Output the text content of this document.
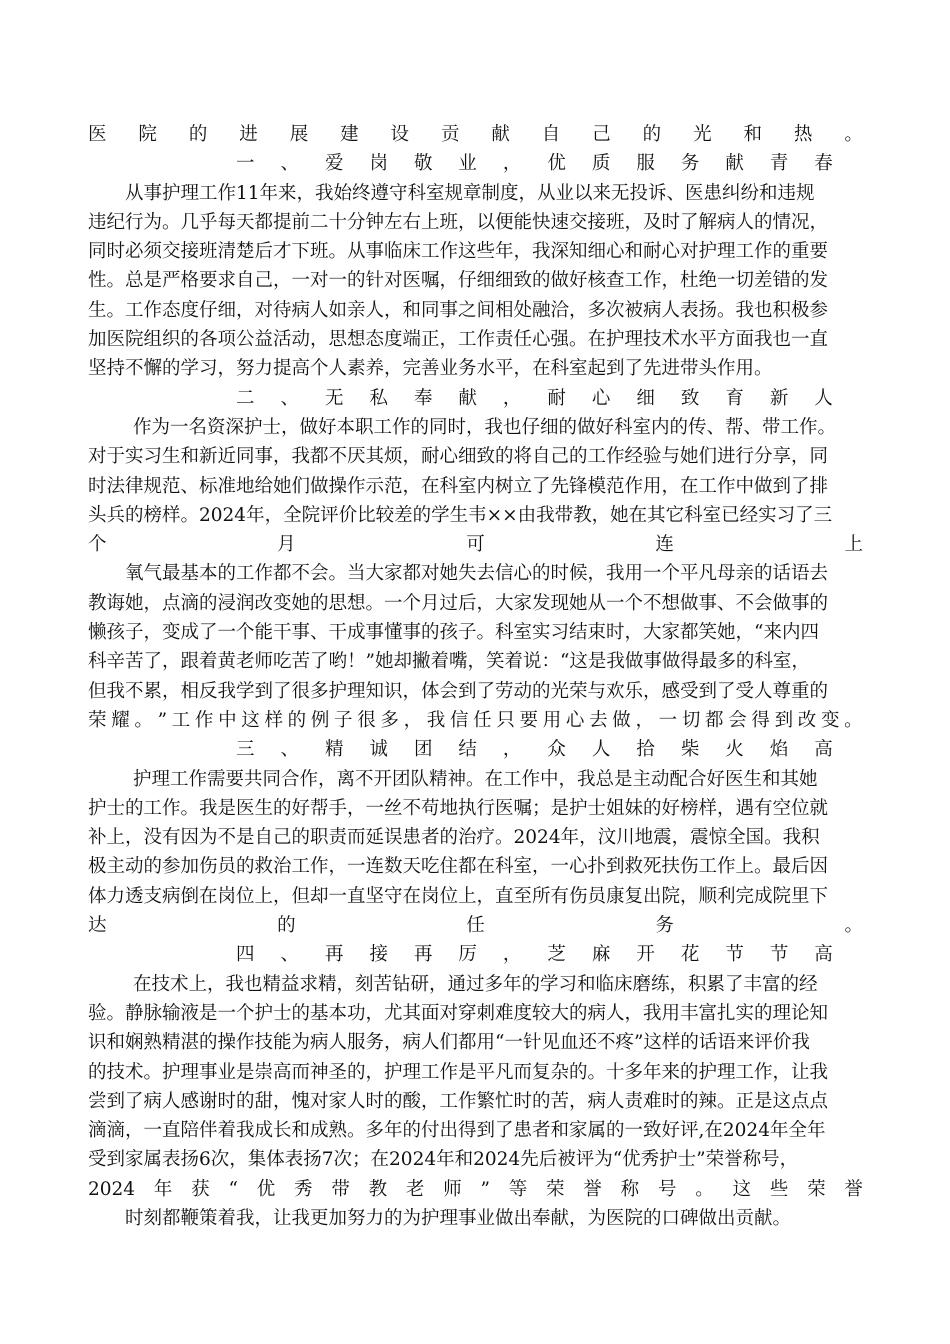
医 院 的 进 展 建 设 贡 献 自 己 的 光 和 热 。
一 、 爱 岗 敬 业 ， 优 质 服 务 献 青 春
从事护理工作11年来，我始终遵守科室规章制度，从业以来无投诉、医患纠纷和违规
违纪行为。几乎每天都提前二十分钟左右上班，以便能快速交接班，及时了解病人的情况，
同时必须交接班清楚后才下班。从事临床工作这些年，我深知细心和耐心对护理工作的重要
性。总是严格要求自己，一对一的针对医嘱，仔细细致的做好核查工作，杜绝一切差错的发
生。工作态度仔细，对待病人如亲人，和同事之间相处融洽，多次被病人表扬。我也积极参
加医院组织的各项公益活动，思想态度端正，工作责任心强。在护理技术水平方面我也一直
坚持不懈的学习，努力提高个人素养，完善业务水平，在科室起到了先进带头作用。
二 、 无 私 奉 献 ， 耐 心 细 致 育 新 人
作为一名资深护士，做好本职工作的同时，我也仔细的做好科室内的传、帮、带工作。
对于实习生和新近同事，我都不厌其烦，耐心细致的将自己的工作经验与她们进行分享，同
时法律规范、标准地给她们做操作示范，在科室内树立了先锋模范作用，在工作中做到了排
头兵的榜样。2024年，全院评价比较差的学生韦××由我带教，她在其它科室已经实习了三
个	月	可	连	上
氧气最基本的工作都不会。当大家都对她失去信心的时候，我用一个平凡母亲的话语去
教诲她，点滴的浸润改变她的思想。一个月过后，大家发现她从一个不想做事、不会做事的
懒孩子，变成了一个能干事、干成事懂事的孩子。科室实习结束时，大家都笑她，“来内四
科辛苦了，跟着黄老师吃苦了哟！”她却撇着嘴，笑着说：“这是我做事做得最多的科室，
但我不累，相反我学到了很多护理知识，体会到了劳动的光荣与欢乐，感受到了受人尊重的
荣 耀 。 ” 工 作 中 这 样 的 例 子 很 多 ， 我 信 任 只 要 用 心 去 做 ， 一 切 都 会 得 到 改 变 。
三 、 精 诚 团 结 ， 众 人 拾 柴 火 焰 高
护理工作需要共同合作，离不开团队精神。在工作中，我总是主动配合好医生和其她
护士的工作。我是医生的好帮手，一丝不苟地执行医嘱；是护士姐妹的好榜样，遇有空位就
补上，没有因为不是自己的职责而延误患者的治疗。2024年，汶川地震，震惊全国。我积
极主动的参加伤员的救治工作，一连数天吃住都在科室，一心扑到救死扶伤工作上。最后因
体力透支病倒在岗位上，但却一直坚守在岗位上，直至所有伤员康复出院，顺利完成院里下
达	的	任	务	。
四 、 再 接 再 厉 ， 芝 麻 开 花 节 节 高
在技术上，我也精益求精，刻苦钻研，通过多年的学习和临床磨练，积累了丰富的经
验。静脉输液是一个护士的基本功，尤其面对穿刺难度较大的病人，我用丰富扎实的理论知
识和娴熟精湛的操作技能为病人服务，病人们都用“一针见血还不疼”这样的话语来评价我
的技术。护理事业是崇高而神圣的，护理工作是平凡而复杂的。十多年来的护理工作，让我
尝到了病人感谢时的甜，愧对家人时的酸，工作繁忙时的苦，病人责难时的辣。正是这点点
滴滴，一直陪伴着我成长和成熟。多年的付出得到了患者和家属的一致好评,在2024年全年
受到家属表扬6次，集体表扬7次；在2024年和2024先后被评为“优秀护士”荣誉称号，
2024 年 获 “ 优 秀 带 教 老 师 ” 等 荣 誉 称 号 。 这 些 荣 誉
时刻都鞭策着我，让我更加努力的为护理事业做出奉献，为医院的口碑做出贡献。
